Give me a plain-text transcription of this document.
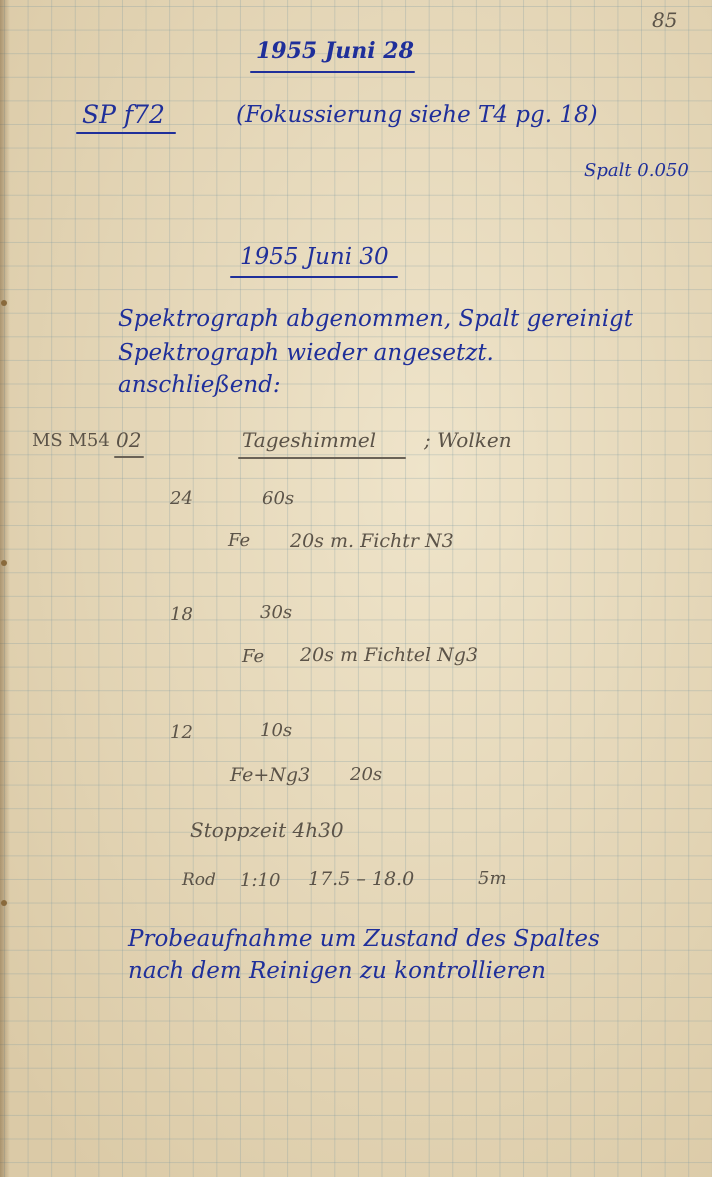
85
1955 Juni 28
SP f72	(Fokussierung siehe T4 pg. 18)
Spalt 0.050
1955 Juni 30
Spektrograph abgenommen, Spalt gereinigt
Spektrograph wieder angesetzt.
anschließend:
MS M54 02	Tageshimmel ; Wolken
24	60s
Fe 20s m. Fichtr N3
18	30s
Fe 20s m Fichtel Ng3
12	10s
Fe+Ng3 20s
Stoppzeit 4h30
Rod 1:10 17.5 – 18.0	5m
Probeaufnahme um Zustand des Spaltes
nach dem Reinigen zu kontrollieren
